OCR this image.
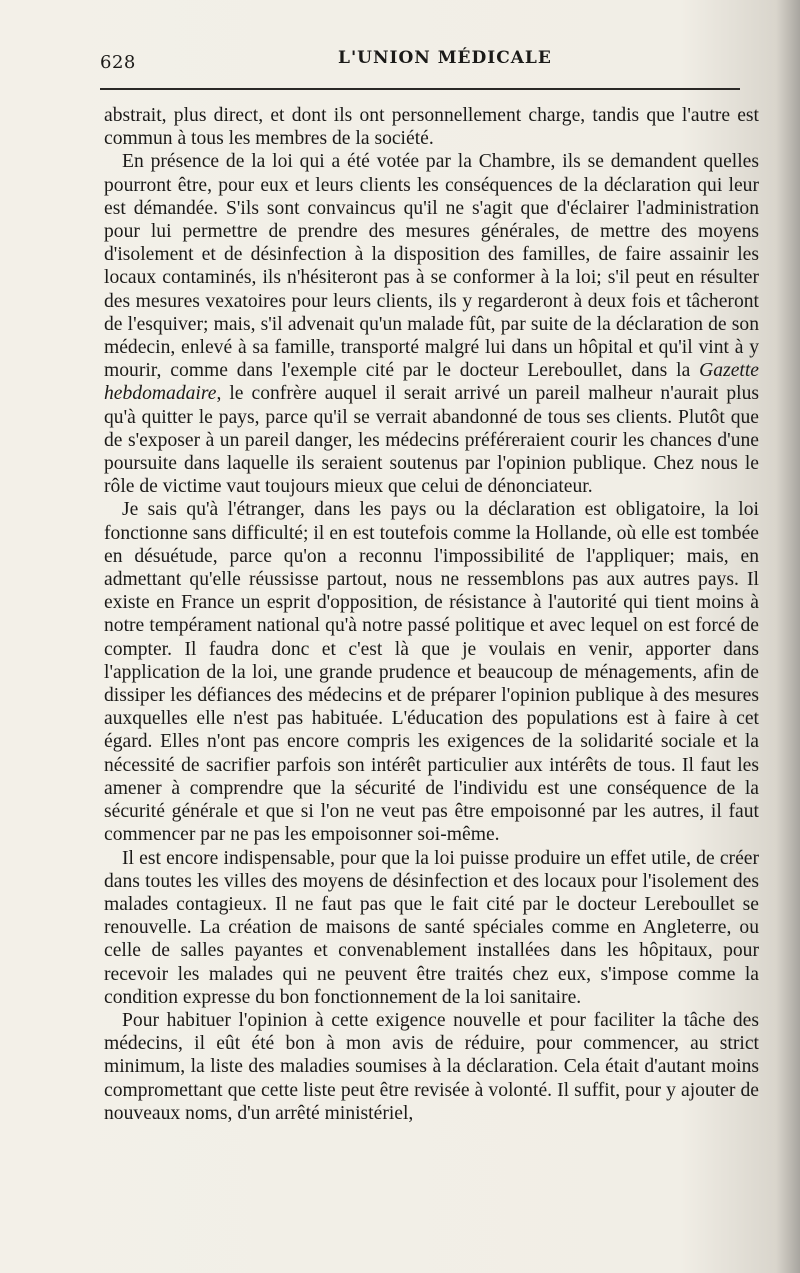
628	L'UNION MÉDICALE

abstrait, plus direct, et dont ils ont personnellement charge, tandis que l'autre est commun à tous les membres de la société.

En présence de la loi qui a été votée par la Chambre, ils se demandent quelles pourront être, pour eux et leurs clients les conséquences de la déclaration qui leur est démandée. S'ils sont convaincus qu'il ne s'agit que d'éclairer l'administration pour lui permettre de prendre des mesures générales, de mettre des moyens d'isolement et de désinfection à la disposition des familles, de faire assainir les locaux contaminés, ils n'hésiteront pas à se conformer à la loi; s'il peut en résulter des mesures vexatoires pour leurs clients, ils y regarderont à deux fois et tâcheront de l'esquiver; mais, s'il advenait qu'un malade fût, par suite de la déclaration de son médecin, enlevé à sa famille, transporté malgré lui dans un hôpital et qu'il vint à y mourir, comme dans l'exemple cité par le docteur Lereboullet, dans la Gazette hebdomadaire, le confrère auquel il serait arrivé un pareil malheur n'aurait plus qu'à quitter le pays, parce qu'il se verrait abandonné de tous ses clients. Plutôt que de s'exposer à un pareil danger, les médecins préféreraient courir les chances d'une poursuite dans laquelle ils seraient soutenus par l'opinion publique. Chez nous le rôle de victime vaut toujours mieux que celui de dénonciateur.

Je sais qu'à l'étranger, dans les pays ou la déclaration est obligatoire, la loi fonctionne sans difficulté; il en est toutefois comme la Hollande, où elle est tombée en désuétude, parce qu'on a reconnu l'impossibilité de l'appliquer; mais, en admettant qu'elle réussisse partout, nous ne ressemblons pas aux autres pays. Il existe en France un esprit d'opposition, de résistance à l'autorité qui tient moins à notre tempérament national qu'à notre passé politique et avec lequel on est forcé de compter. Il faudra donc et c'est là que je voulais en venir, apporter dans l'application de la loi, une grande prudence et beaucoup de ménagements, afin de dissiper les défiances des médecins et de préparer l'opinion publique à des mesures auxquelles elle n'est pas habituée. L'éducation des populations est à faire à cet égard. Elles n'ont pas encore compris les exigences de la solidarité sociale et la nécessité de sacrifier parfois son intérêt particulier aux intérêts de tous. Il faut les amener à comprendre que la sécurité de l'individu est une conséquence de la sécurité générale et que si l'on ne veut pas être empoisonné par les autres, il faut commencer par ne pas les empoisonner soi-même.

Il est encore indispensable, pour que la loi puisse produire un effet utile, de créer dans toutes les villes des moyens de désinfection et des locaux pour l'isolement des malades contagieux. Il ne faut pas que le fait cité par le docteur Lereboullet se renouvelle. La création de maisons de santé spéciales comme en Angleterre, ou celle de salles payantes et convenablement installées dans les hôpitaux, pour recevoir les malades qui ne peuvent être traités chez eux, s'impose comme la condition expresse du bon fonctionnement de la loi sanitaire.

Pour habituer l'opinion à cette exigence nouvelle et pour faciliter la tâche des médecins, il eût été bon à mon avis de réduire, pour commencer, au strict minimum, la liste des maladies soumises à la déclaration. Cela était d'autant moins compromettant que cette liste peut être revisée à volonté. Il suffit, pour y ajouter de nouveaux noms, d'un arrêté ministériel,
